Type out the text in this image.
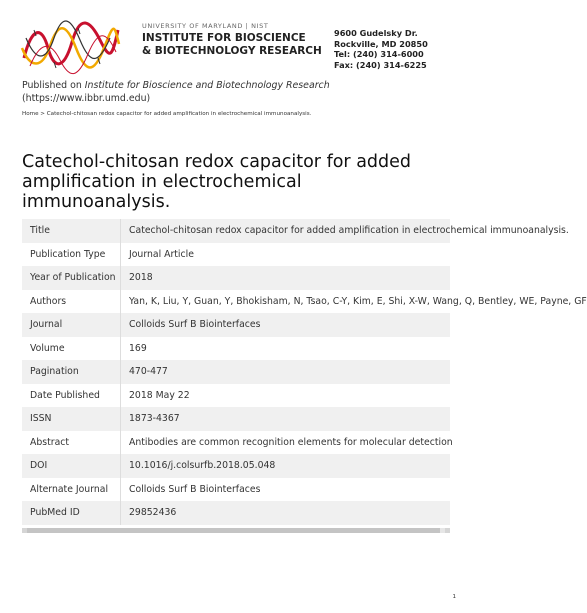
UNIVERSITY OF MARYLAND | NIST
INSTITUTE FOR BIOSCIENCE
& BIOTECHNOLOGY RESEARCH
9600 Gudelsky Dr.
Rockville, MD 20850
Tel: (240) 314-6000
Fax: (240) 314-6225
Published on Institute for Bioscience and Biotechnology Research
(https://www.ibbr.umd.edu)
Home > Catechol-chitosan redox capacitor for added amplification in electrochemical immunoanalysis.
Catechol-chitosan redox capacitor for added amplification in electrochemical immunoanalysis.
Title	Catechol-chitosan redox capacitor for added amplification in electrochemical immunoanalysis.
Publication Type	Journal Article
Year of Publication	2018
Authors	Yan, K, Liu, Y, Guan, Y, Bhokisham, N, Tsao, C-Y, Kim, E, Shi, X-W, Wang, Q, Bentley, WE, Payne, GF
Journal	Colloids Surf B Biointerfaces
Volume	169
Pagination	470-477
Date Published	2018 May 22
ISSN	1873-4367
Abstract	Antibodies are common recognition elements for molecular detection
DOI	10.1016/j.colsurfb.2018.05.048
Alternate Journal	Colloids Surf B Biointerfaces
PubMed ID	29852436
1
